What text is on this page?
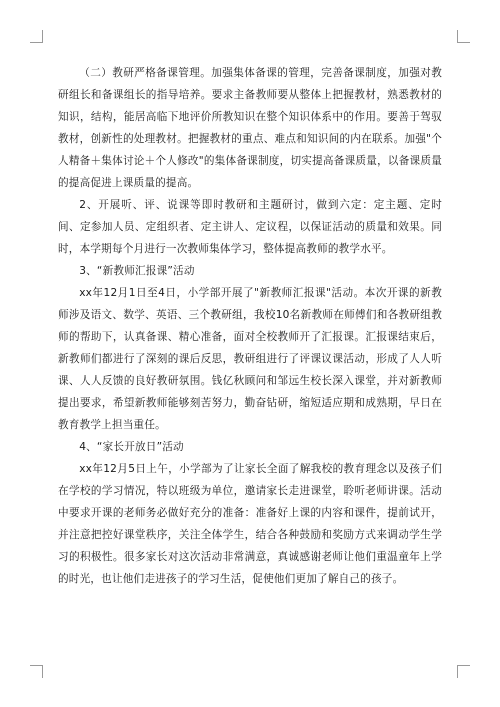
（二）教研严格备课管理。加强集体备课的管理，完善备课制度，加强对教研组长和备课组长的指导培养。要求主备教师要从整体上把握教材，熟悉教材的知识，结构，能居高临下地评价所教知识在整个知识体系中的作用。要善于驾驭教材，创新性的处理教材。把握教材的重点、难点和知识间的内在联系。加强"个人精备＋集体讨论＋个人修改"的集体备课制度，切实提高备课质量，以备课质量的提高促进上课质量的提高。

2、开展听、评、说课等即时教研和主题研讨，做到六定：定主题、定时间、定参加人员、定组织者、定主讲人、定议程，以保证活动的质量和效果。同时，本学期每个月进行一次教师集体学习，整体提高教师的教学水平。

3、“新教师汇报课”活动

xx年12月1日至4日，小学部开展了"新教师汇报课"活动。本次开课的新教师涉及语文、数学、英语、三个教研组，我校10名新教师在师傅们和各教研组教师的帮助下，认真备课、精心准备，面对全校教师开了汇报课。汇报课结束后，新教师们都进行了深刻的课后反思，教研组进行了评课议课活动，形成了人人听课、人人反馈的良好教研氛围。钱亿秋顾问和邹远生校长深入课堂，并对新教师提出要求，希望新教师能够刻苦努力，勤奋钻研，缩短适应期和成熟期，早日在教育教学上担当重任。

4、“家长开放日”活动

xx年12月5日上午，小学部为了让家长全面了解我校的教育理念以及孩子们在学校的学习情况，特以班级为单位，邀请家长走进课堂，聆听老师讲课。活动中要求开课的老师务必做好充分的准备：准备好上课的内容和课件，提前试开，并注意把控好课堂秩序，关注全体学生，结合各种鼓励和奖励方式来调动学生学习的积极性。很多家长对这次活动非常满意，真诚感谢老师让他们重温童年上学的时光，也让他们走进孩子的学习生活，促使他们更加了解自己的孩子。
